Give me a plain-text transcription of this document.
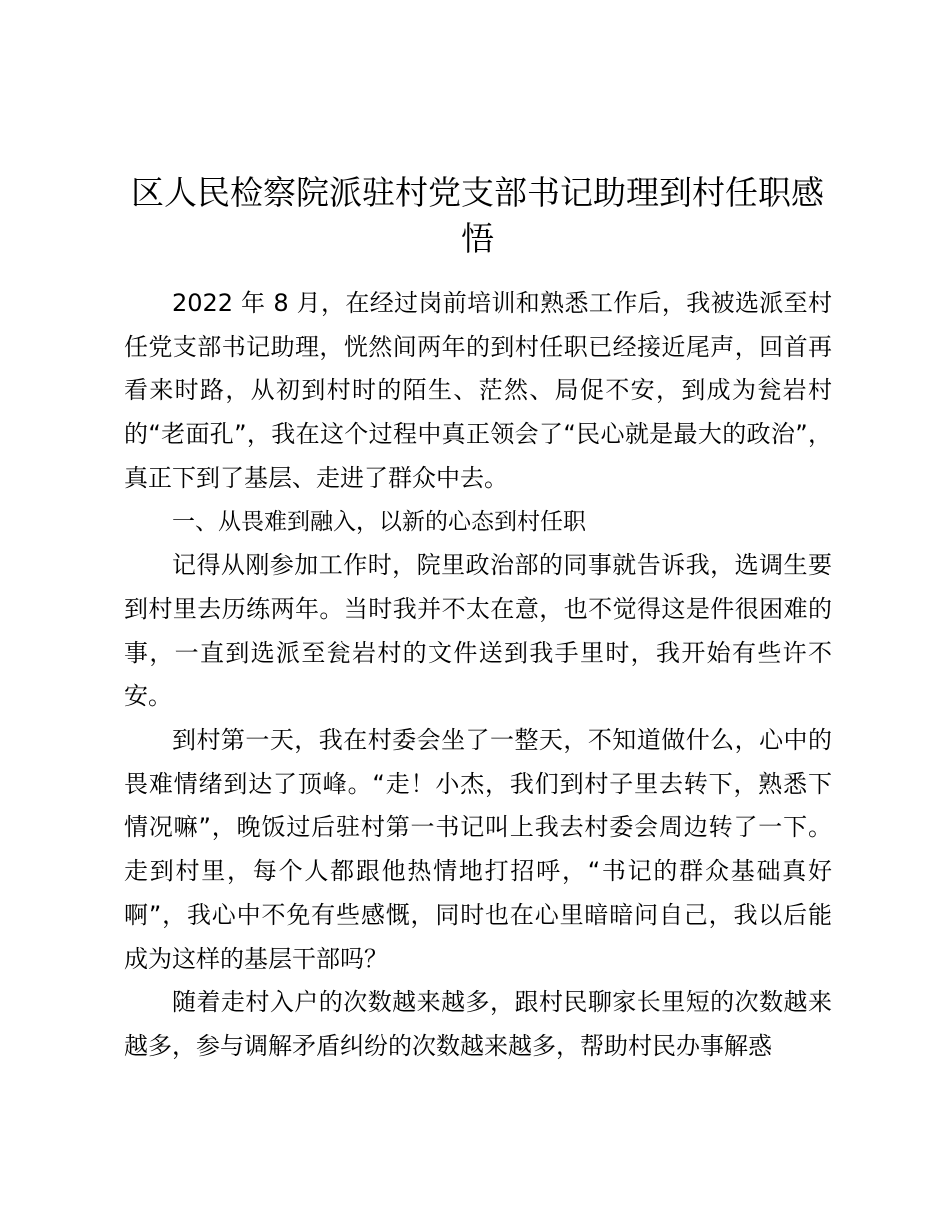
区人民检察院派驻村党支部书记助理到村任职感悟

2022 年 8 月，在经过岗前培训和熟悉工作后，我被选派至村任党支部书记助理，恍然间两年的到村任职已经接近尾声，回首再看来时路，从初到村时的陌生、茫然、局促不安，到成为瓮岩村的“老面孔”，我在这个过程中真正领会了“民心就是最大的政治”，真正下到了基层、走进了群众中去。

一、从畏难到融入，以新的心态到村任职

记得从刚参加工作时，院里政治部的同事就告诉我，选调生要到村里去历练两年。当时我并不太在意，也不觉得这是件很困难的事，一直到选派至瓮岩村的文件送到我手里时，我开始有些许不安。

到村第一天，我在村委会坐了一整天，不知道做什么，心中的畏难情绪到达了顶峰。“走！小杰，我们到村子里去转下，熟悉下情况嘛”，晚饭过后驻村第一书记叫上我去村委会周边转了一下。走到村里，每个人都跟他热情地打招呼，“书记的群众基础真好啊”，我心中不免有些感慨，同时也在心里暗暗问自己，我以后能成为这样的基层干部吗？

随着走村入户的次数越来越多，跟村民聊家长里短的次数越来越多，参与调解矛盾纠纷的次数越来越多，帮助村民办事解惑
